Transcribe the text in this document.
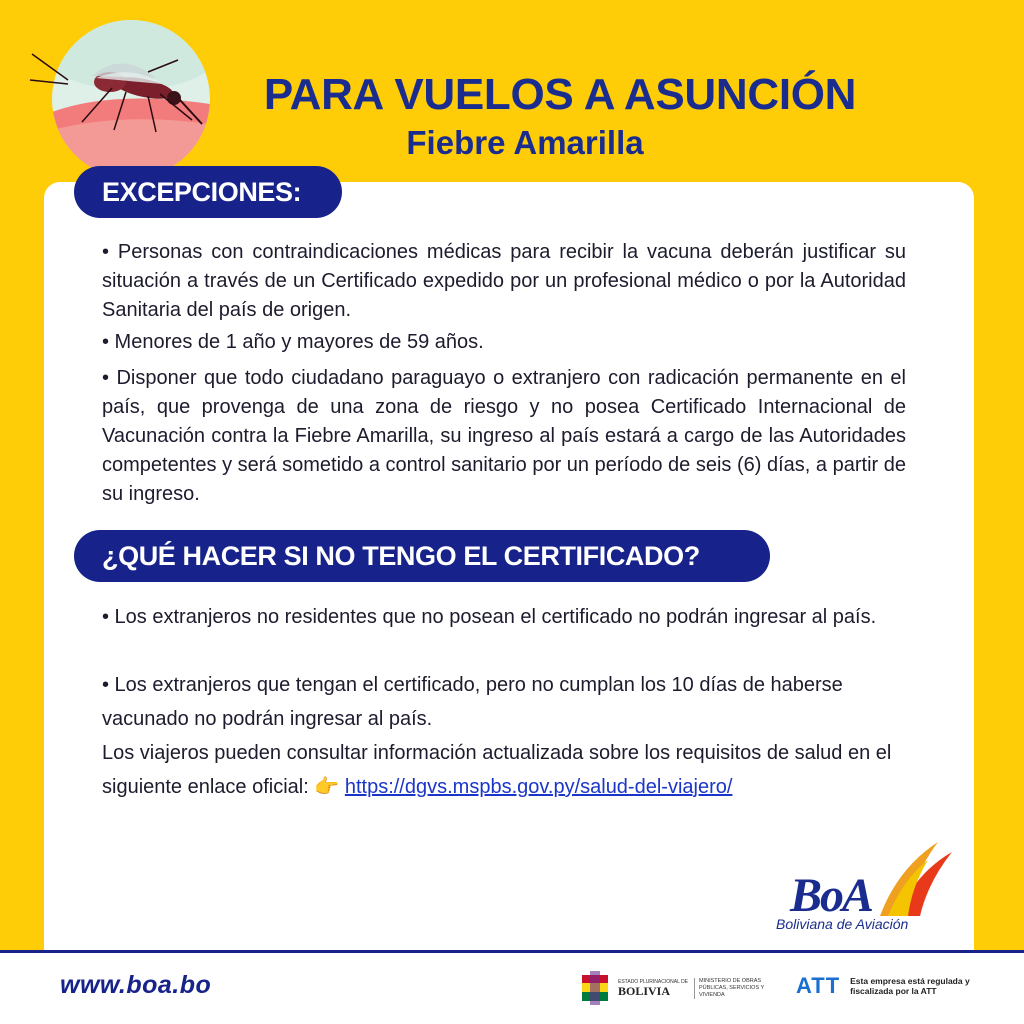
PARA VUELOS A ASUNCIÓN
Fiebre Amarilla
EXCEPCIONES:

• Personas con contraindicaciones médicas para recibir la vacuna deberán justificar su situación a través de un Certificado expedido por un profesional médico o por la Autoridad Sanitaria del país de origen.

• Menores de 1 año y mayores de 59 años.

• Disponer que todo ciudadano paraguayo o extranjero con radicación permanente en el país, que provenga de una zona de riesgo y no posea Certificado Internacional de Vacunación contra la Fiebre Amarilla, su ingreso al país estará a cargo de las Autoridades competentes y será sometido a control sanitario por un período de seis (6) días, a partir de su ingreso.

¿QUÉ HACER SI NO TENGO EL CERTIFICADO?

• Los extranjeros no residentes que no posean el certificado no podrán ingresar al país.

• Los extranjeros que tengan el certificado, pero no cumplan los 10 días de haberse vacunado no podrán ingresar al país.

Los viajeros pueden consultar información actualizada sobre los requisitos de salud en el siguiente enlace oficial: 👉 https://dgvs.mspbs.gov.py/salud-del-viajero/

BoA
Boliviana de Aviación
www.boa.bo	ESTADO PLURINACIONAL DE
BOLIVIA
MINISTERIO DE OBRAS PÚBLICAS, SERVICIOS Y VIVIENDA	ATT Esta empresa está regulada y fiscalizada por la ATT
